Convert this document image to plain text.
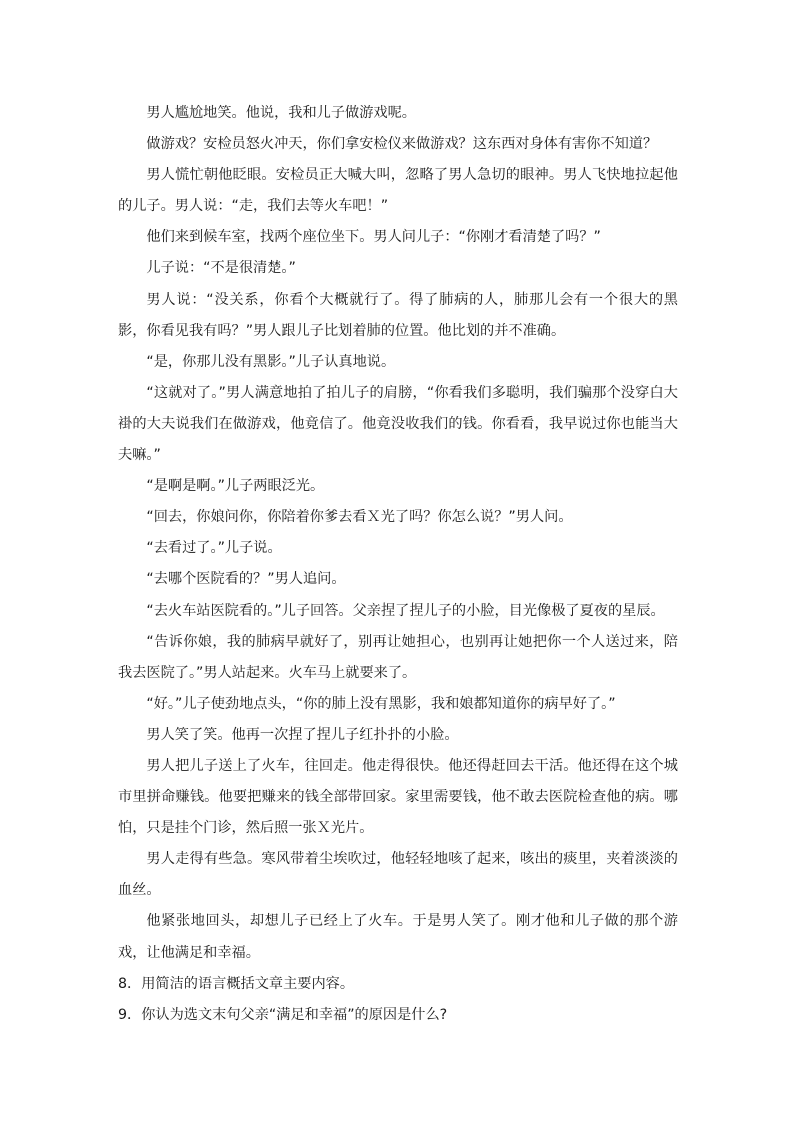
男人尴尬地笑。他说，我和儿子做游戏呢。

做游戏？安检员怒火冲天，你们拿安检仪来做游戏？这东西对身体有害你不知道？

男人慌忙朝他眨眼。安检员正大喊大叫，忽略了男人急切的眼神。男人飞快地拉起他的儿子。男人说：“走，我们去等火车吧！”

他们来到候车室，找两个座位坐下。男人问儿子：“你刚才看清楚了吗？”

儿子说：“不是很清楚。”

男人说：“没关系，你看个大概就行了。得了肺病的人，肺那儿会有一个很大的黑影，你看见我有吗？”男人跟儿子比划着肺的位置。他比划的并不准确。

“是，你那儿没有黑影。”儿子认真地说。

“这就对了。”男人满意地拍了拍儿子的肩膀，“你看我们多聪明，我们骗那个没穿白大褂的大夫说我们在做游戏，他竟信了。他竟没收我们的钱。你看看，我早说过你也能当大夫嘛。”

“是啊是啊。”儿子两眼泛光。

“回去，你娘问你，你陪着你爹去看Ｘ光了吗？你怎么说？”男人问。

“去看过了。”儿子说。

“去哪个医院看的？”男人追问。

“去火车站医院看的。”儿子回答。父亲捏了捏儿子的小脸，目光像极了夏夜的星辰。

“告诉你娘，我的肺病早就好了，别再让她担心，也别再让她把你一个人送过来，陪我去医院了。”男人站起来。火车马上就要来了。

“好。”儿子使劲地点头，“你的肺上没有黑影，我和娘都知道你的病早好了。”

男人笑了笑。他再一次捏了捏儿子红扑扑的小脸。

男人把儿子送上了火车，往回走。他走得很快。他还得赶回去干活。他还得在这个城市里拼命赚钱。他要把赚来的钱全部带回家。家里需要钱，他不敢去医院检查他的病。哪怕，只是挂个门诊，然后照一张Ｘ光片。

男人走得有些急。寒风带着尘埃吹过，他轻轻地咳了起来，咳出的痰里，夹着淡淡的血丝。

他紧张地回头，却想儿子已经上了火车。于是男人笑了。刚才他和儿子做的那个游戏，让他满足和幸福。

8．用简洁的语言概括文章主要内容。

9．你认为选文末句父亲“满足和幸福”的原因是什么?
